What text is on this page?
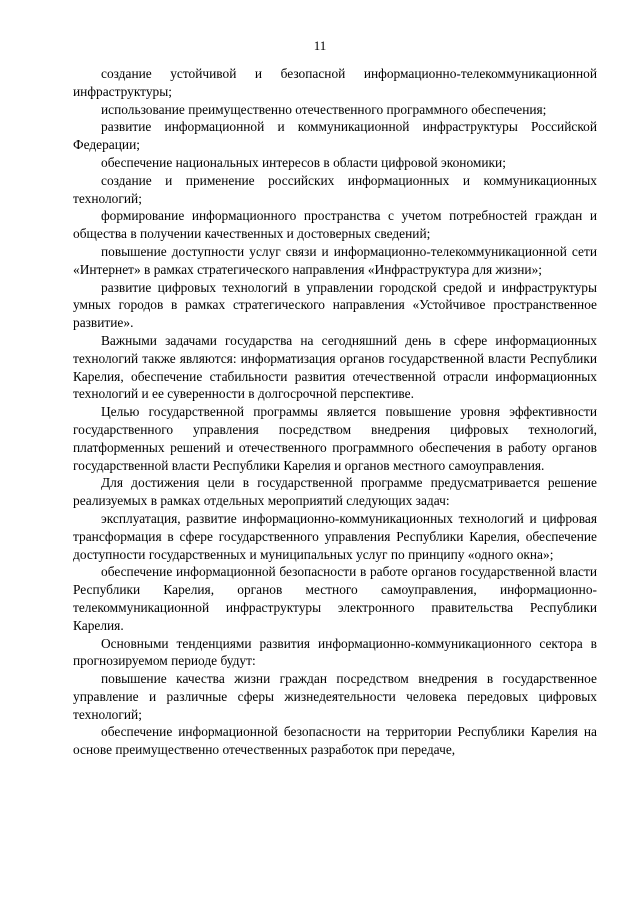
11

создание устойчивой и безопасной информационно-телекоммуникационной инфраструктуры;

использование преимущественно отечественного программного обеспечения;

развитие информационной и коммуникационной инфраструктуры Российской Федерации;

обеспечение национальных интересов в области цифровой экономики;

создание и применение российских информационных и коммуникационных технологий;

формирование информационного пространства с учетом потребностей граждан и общества в получении качественных и достоверных сведений;

повышение доступности услуг связи и информационно-телекоммуникационной сети «Интернет» в рамках стратегического направления «Инфраструктура для жизни»;

развитие цифровых технологий в управлении городской средой и инфраструктуры умных городов в рамках стратегического направления «Устойчивое пространственное развитие».

Важными задачами государства на сегодняшний день в сфере информационных технологий также являются: информатизация органов государственной власти Республики Карелия, обеспечение стабильности развития отечественной отрасли информационных технологий и ее суверенности в долгосрочной перспективе.

Целью государственной программы является повышение уровня эффективности государственного управления посредством внедрения цифровых технологий, платформенных решений и отечественного программного обеспечения в работу органов государственной власти Республики Карелия и органов местного самоуправления.

Для достижения цели в государственной программе предусматривается решение реализуемых в рамках отдельных мероприятий следующих задач:

эксплуатация, развитие информационно-коммуникационных технологий и цифровая трансформация в сфере государственного управления Республики Карелия, обеспечение доступности государственных и муниципальных услуг по принципу «одного окна»;

обеспечение информационной безопасности в работе органов государственной власти Республики Карелия, органов местного самоуправления, информационно-телекоммуникационной инфраструктуры электронного правительства Республики Карелия.

Основными тенденциями развития информационно-коммуникационного сектора в прогнозируемом периоде будут:

повышение качества жизни граждан посредством внедрения в государственное управление и различные сферы жизнедеятельности человека передовых цифровых технологий;

обеспечение информационной безопасности на территории Республики Карелия на основе преимущественно отечественных разработок при передаче,
